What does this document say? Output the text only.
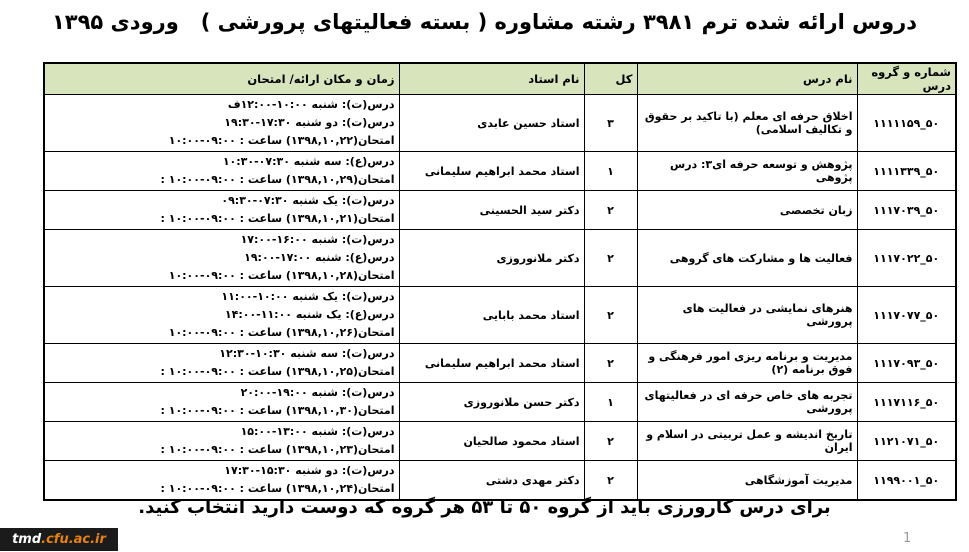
دروس ارائه شده ترم ۳۹۸۱ رشته مشاوره ( بسته فعالیتهای پرورشی )   ورودی ۱۳۹۵
شماره و گروه درس	نام درس	کل	نام استاد	زمان و مکان ارائه/ امتحان
۵۰_۱۱۱۱۱۵۹	اخلاق حرفه ای معلم (با تاکید بر حقوق و تکالیف اسلامی)	۳	استاد حسین عابدی	درس(ت): شنبه ۱۰:۰۰-۱۲:۰۰ف
درس(ت): دو شنبه ۱۷:۳۰-۱۹:۳۰
امتحان(۱۳۹۸,۱۰,۲۲) ساعت : ۰۹:۰۰-۱۰:۰۰

۵۰_۱۱۱۱۳۳۹	پژوهش و توسعه حرفه ای۳: درس پژوهی	۱	استاد محمد ابراهیم سلیمانی	درس(ع): سه شنبه ۰۷:۳۰-۱۰:۳۰
امتحان(۱۳۹۸,۱۰,۲۹) ساعت : ۰۹:۰۰-۱۰:۰۰ :

۵۰_۱۱۱۷۰۳۹	زبان تخصصی	۲	دکتر سید الحسینی	درس(ت): یک شنبه ۰۷:۳۰-۰۹:۳۰
امتحان(۱۳۹۸,۱۰,۲۱) ساعت : ۰۹:۰۰-۱۰:۰۰ :

۵۰_۱۱۱۷۰۲۲	فعالیت ها و مشارکت های گروهی	۲	دکتر ملانوروزی	درس(ت): شنبه ۱۶:۰۰-۱۷:۰۰
درس(ع): شنبه ۱۷:۰۰-۱۹:۰۰
امتحان(۱۳۹۸,۱۰,۲۸) ساعت : ۰۹:۰۰-۱۰:۰۰

۵۰_۱۱۱۷۰۷۷	هنرهای نمایشی در فعالیت های پرورشی	۲	استاد محمد بابایی	درس(ت): یک شنبه ۱۰:۰۰-۱۱:۰۰
درس(ع): یک شنبه ۱۱:۰۰-۱۴:۰۰
امتحان(۱۳۹۸,۱۰,۲۶) ساعت : ۰۹:۰۰-۱۰:۰۰

۵۰_۱۱۱۷۰۹۳	مدیریت و برنامه ریزی امور فرهنگی و فوق برنامه (۲)	۲	استاد محمد ابراهیم سلیمانی	درس(ت): سه شنبه ۱۰:۳۰-۱۲:۳۰
امتحان(۱۳۹۸,۱۰,۲۵) ساعت : ۰۹:۰۰-۱۰:۰۰ :

۵۰_۱۱۱۷۱۱۶	تجربه های خاص حرفه ای در فعالیتهای پرورشی	۱	دکتر حسن ملانوروزی	درس(ت): شنبه ۱۹:۰۰-۲۰:۰۰
امتحان(۱۳۹۸,۱۰,۳۰) ساعت : ۰۹:۰۰-۱۰:۰۰ :

۵۰_۱۱۲۱۰۷۱	تاریخ اندیشه و عمل تربیتی در اسلام و ایران	۲	استاد محمود صالحیان	درس(ت): شنبه ۱۳:۰۰-۱۵:۰۰
امتحان(۱۳۹۸,۱۰,۲۳) ساعت : ۰۹:۰۰-۱۰:۰۰ :

۵۰_۱۱۹۹۰۰۱	مدیریت آموزشگاهی	۲	دکتر مهدی دشتی	درس(ت): دو شنبه ۱۵:۳۰-۱۷:۳۰
امتحان(۱۳۹۸,۱۰,۲۴) ساعت : ۰۹:۰۰-۱۰:۰۰ :
برای درس کارورزی باید از گروه ۵۰ تا ۵۳ هر گروه که دوست دارید انتخاب کنید.
tmd.cfu.ac.ir	1
